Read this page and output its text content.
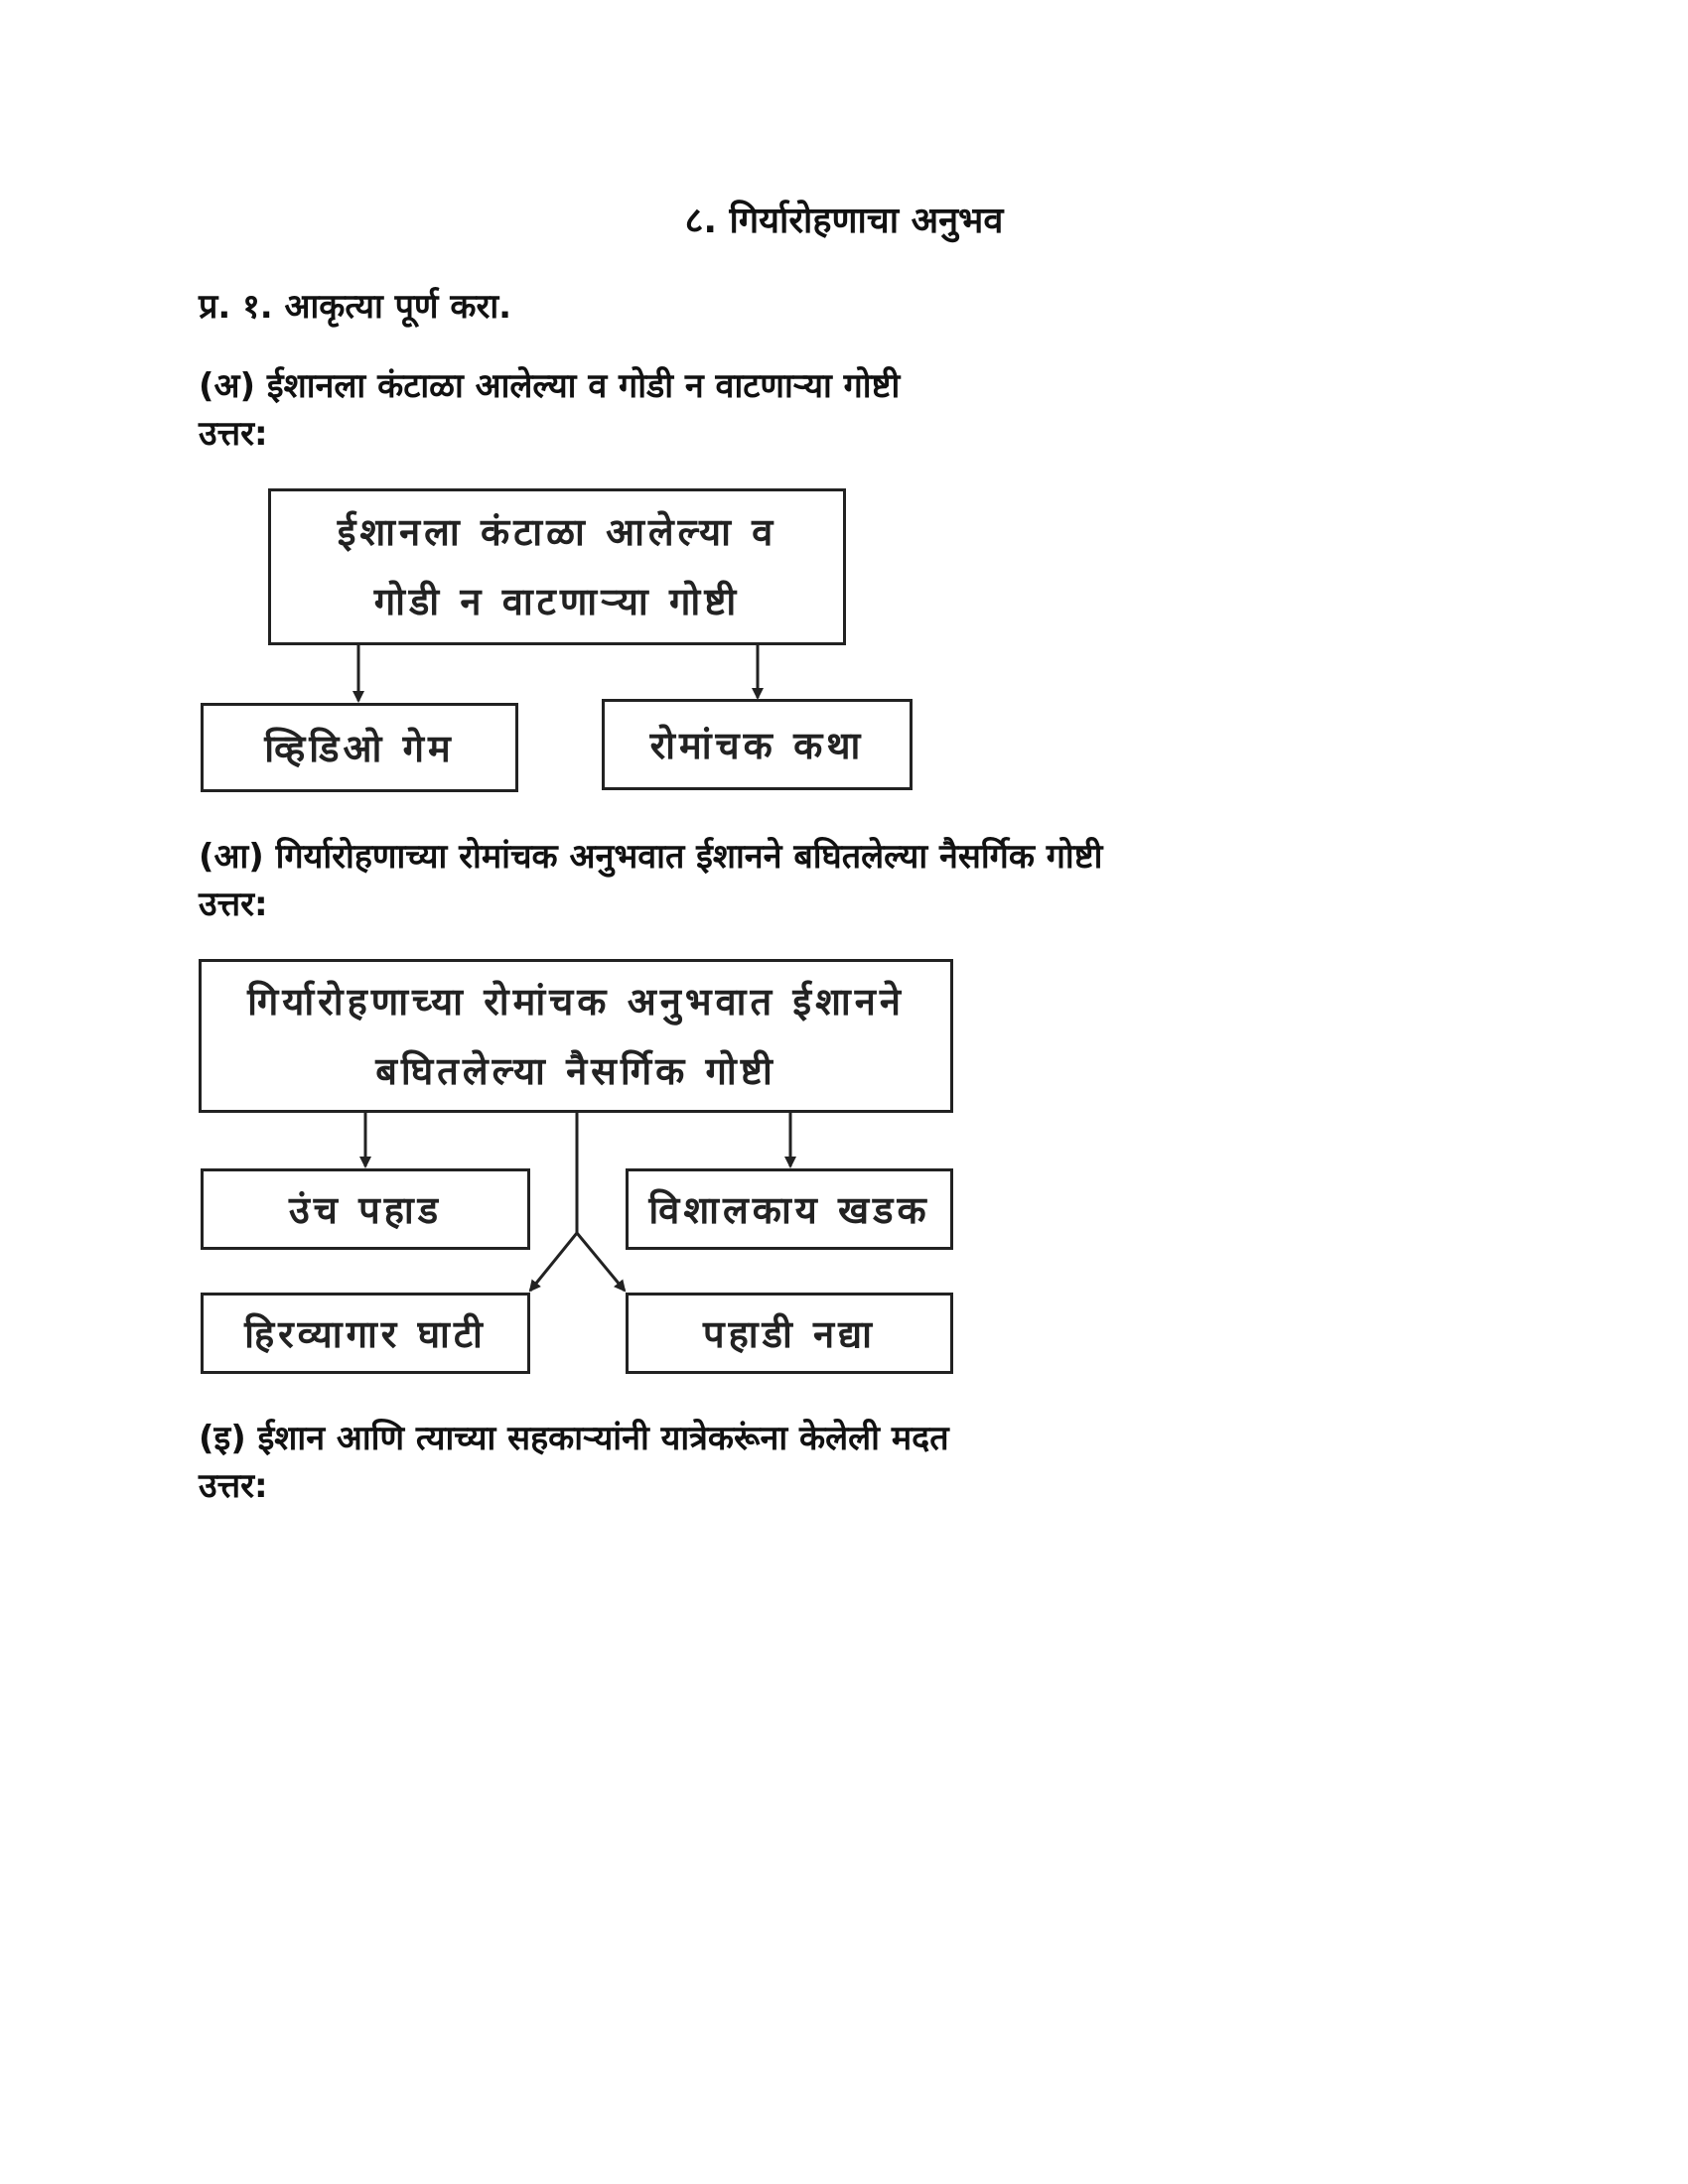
८. गिर्यारोहणाचा अनुभव
प्र. १. आकृत्या पूर्ण करा.
(अ) ईशानला कंटाळा आलेल्या व गोडी न वाटणाऱ्या गोष्टी
उत्तर:
(आ) गिर्यारोहणाच्या रोमांचक अनुभवात ईशानने बघितलेल्या नैसर्गिक गोष्टी
उत्तर:
(इ) ईशान आणि त्याच्या सहकाऱ्यांनी यात्रेकरूंना केलेली मदत
उत्तर:
ईशानला कंटाळा आलेल्या व
गोडी न वाटणाऱ्या गोष्टी
व्हिडिओ गेम	रोमांचक कथा
गिर्यारोहणाच्या रोमांचक अनुभवात ईशानने
बघितलेल्या नैसर्गिक गोष्टी
उंच पहाड	विशालकाय खडक
हिरव्यागार घाटी	पहाडी नद्या
